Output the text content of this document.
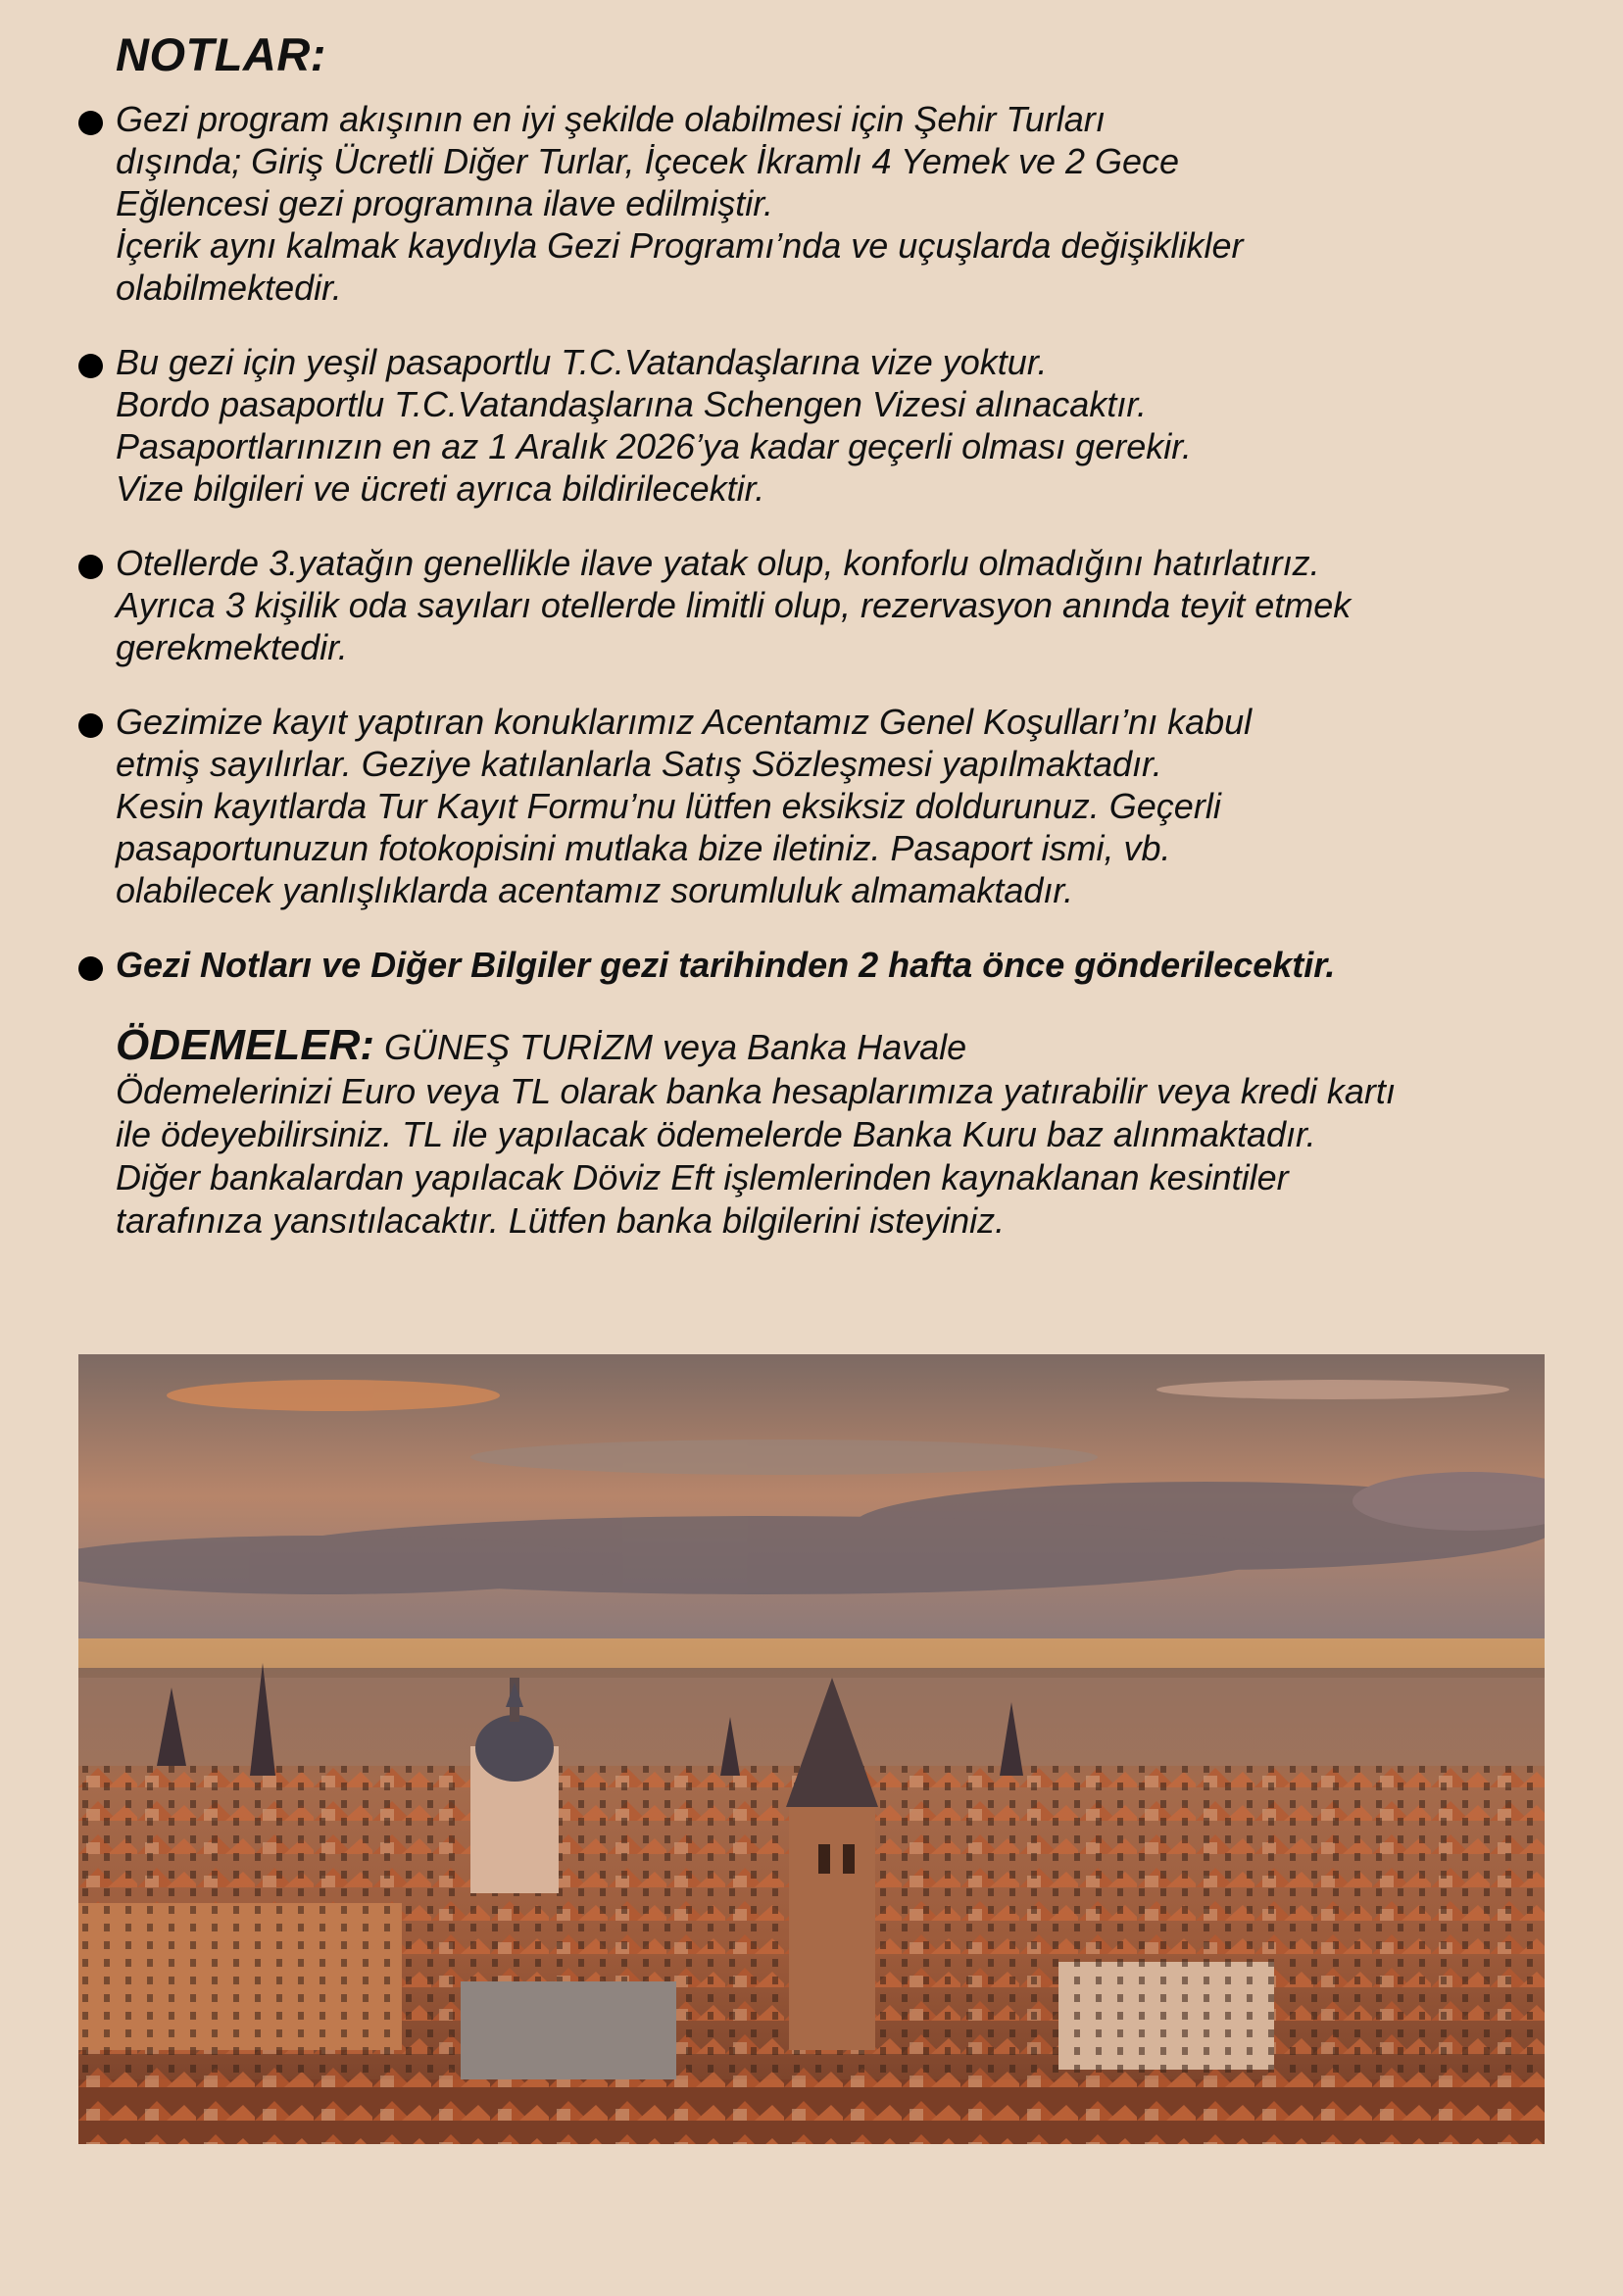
NOTLAR:
Gezi program akışının en iyi şekilde olabilmesi için Şehir Turları
dışında; Giriş Ücretli Diğer Turlar, İçecek İkramlı 4 Yemek ve 2 Gece
Eğlencesi gezi programına ilave edilmiştir.
İçerik aynı kalmak kaydıyla Gezi Programı’nda ve uçuşlarda değişiklikler
olabilmektedir.
Bu gezi için yeşil pasaportlu T.C.Vatandaşlarına vize yoktur.
Bordo pasaportlu T.C.Vatandaşlarına Schengen Vizesi alınacaktır.
Pasaportlarınızın en az 1 Aralık 2026’ya kadar geçerli olması gerekir.
Vize bilgileri ve ücreti ayrıca bildirilecektir.
Otellerde 3.yatağın genellikle ilave yatak olup, konforlu olmadığını hatırlatırız.
Ayrıca 3 kişilik oda sayıları otellerde limitli olup, rezervasyon anında teyit etmek
gerekmektedir.
Gezimize kayıt yaptıran konuklarımız Acentamız Genel Koşulları’nı kabul
etmiş sayılırlar. Geziye katılanlarla Satış Sözleşmesi yapılmaktadır.
Kesin kayıtlarda Tur Kayıt Formu’nu lütfen eksiksiz doldurunuz. Geçerli
pasaportunuzun fotokopisini mutlaka bize iletiniz. Pasaport ismi, vb.
olabilecek yanlışlıklarda acentamız sorumluluk almamaktadır.
Gezi Notları ve Diğer Bilgiler gezi tarihinden 2 hafta önce gönderilecektir.
ÖDEMELER: GÜNEŞ TURİZM veya Banka Havale
Ödemelerinizi Euro veya TL olarak banka hesaplarımıza yatırabilir veya kredi kartı
ile ödeyebilirsiniz. TL ile yapılacak ödemelerde Banka Kuru baz alınmaktadır.
Diğer bankalardan yapılacak Döviz Eft işlemlerinden kaynaklanan kesintiler
tarafınıza yansıtılacaktır. Lütfen banka bilgilerini isteyiniz.
